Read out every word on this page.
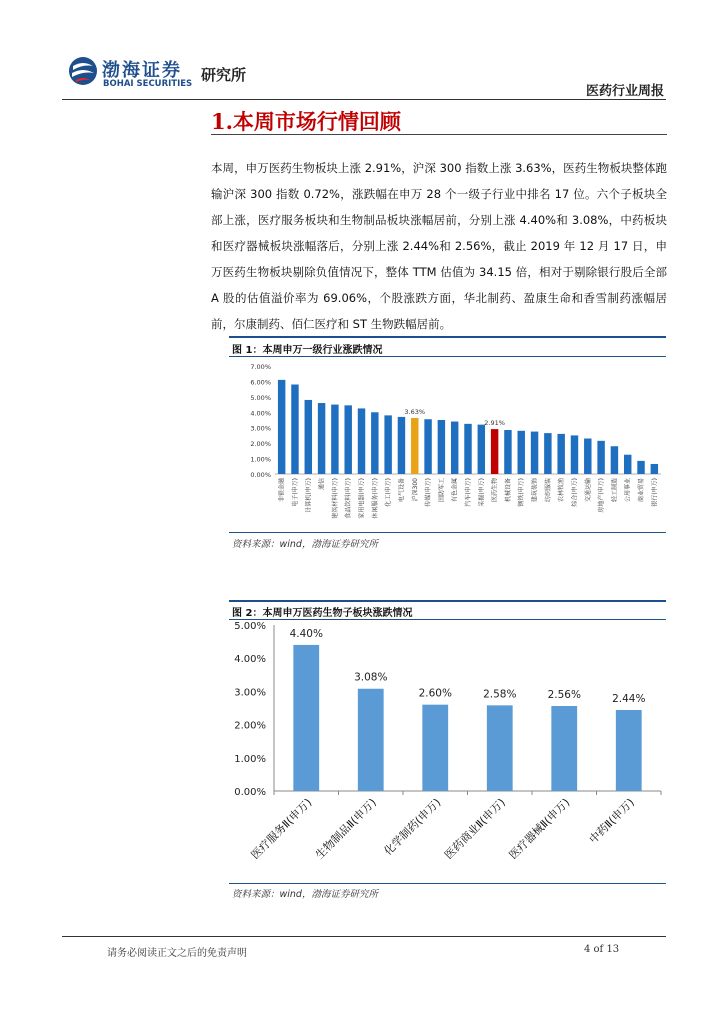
渤海证券
BOHAI SECURITIES 研究所
医药行业周报
1.本周市场行情回顾
本周，申万医药生物板块上涨 2.91%，沪深 300 指数上涨 3.63%，医药生物板块整体跑输沪深 300 指数 0.72%，涨跌幅在申万 28 个一级子行业中排名 17 位。六个子板块全部上涨，医疗服务板块和生物制品板块涨幅居前，分别上涨 4.40%和 3.08%，中药板块和医疗器械板块涨幅落后，分别上涨 2.44%和 2.56%，截止 2019 年 12 月 17 日，申万医药生物板块剔除负值情况下，整体 TTM 估值为 34.15 倍，相对于剔除银行股后全部 A 股的估值溢价率为 69.06%，个股涨跌方面，华北制药、盈康生命和香雪制药涨幅居前，尔康制药、佰仁医疗和 ST 生物跌幅居前。
图 1：本周申万一级行业涨跌情况
0.00%
1.00%
2.00%
3.00%
4.00%
5.00%
6.00%
7.00%
非银金融 电子(申万) 计算机(申万) 通信 建筑材料(申万) 食品饮料(申万) 家用电器(申万) 休闲服务(申万) 化工(申万) 电气设备 沪深300
3.63%
传媒(申万) 国防军工 有色金属 汽车(申万) 采掘(申万) 医药生物
2.91%
机械设备 钢铁(申万) 建筑装饰 纺织服装 农林牧渔 综合(申万) 交通运输 房地产(申万) 轻工制造 公用事业 商业贸易 银行(申万)
资料来源：wind，渤海证券研究所
图 2：本周申万医药生物子板块涨跌情况
0.00%
1.00%
2.00%
3.00%
4.00%
5.00%
4.40%
医疗服务Ⅱ(申万)
3.08%
生物制品Ⅱ(申万)
2.60%
化学制药(申万)
2.58%
医药商业Ⅱ(申万)
2.56%
医疗器械Ⅱ(申万)
2.44%
中药Ⅱ(申万)
资料来源：wind，渤海证券研究所
请务必阅读正文之后的免责声明	4 of 13
